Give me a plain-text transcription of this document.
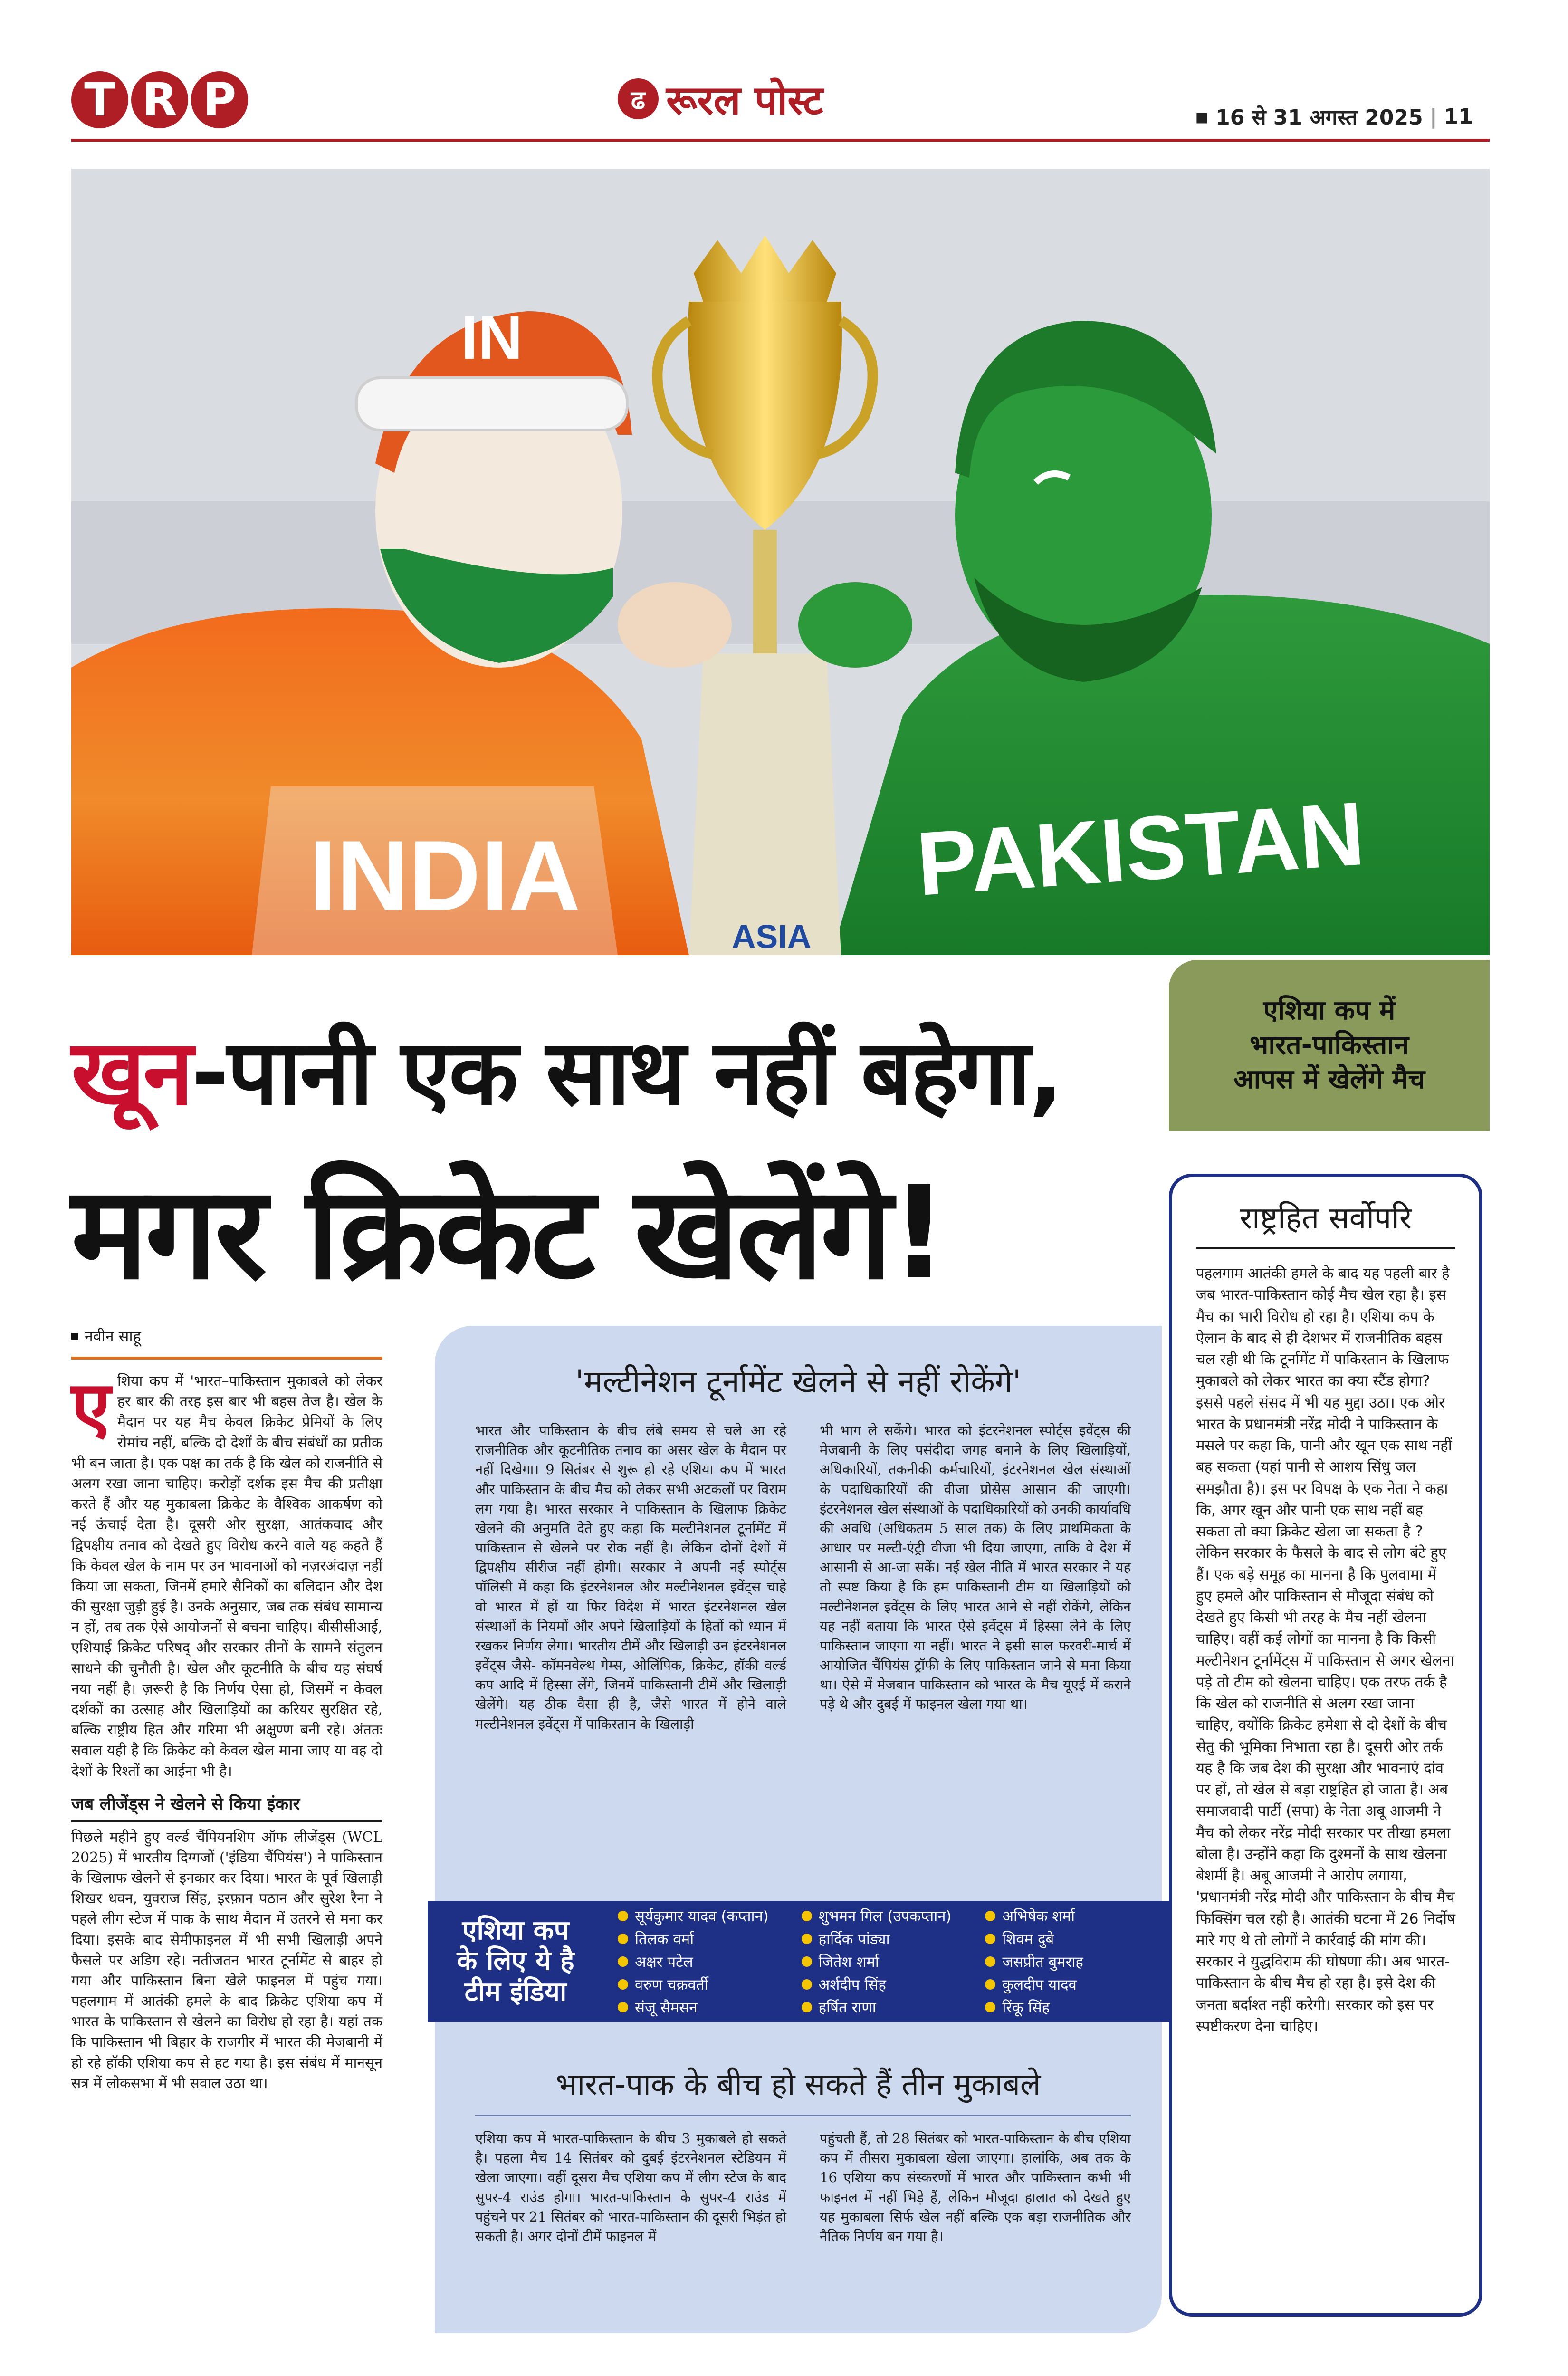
T R P	ढ रूरल पोस्ट	▪ 16 से 31 अगस्त 2025 | 11
IN
INDIA	PAKISTAN
ASIA
एशिया कप में
भारत-पाकिस्तान
आपस में खेलेंगे मैच
खून-पानी एक साथ नहीं बहेगा,
मगर क्रिकेट खेलेंगे!	राष्ट्रहित सर्वोपरि
पहलगाम आतंकी हमले के बाद यह पहली बार है जब भारत-पाकिस्तान कोई मैच खेल रहा है। इस मैच का भारी विरोध हो रहा है। एशिया कप के ऐलान के बाद से ही देशभर में राजनीतिक बहस चल रही थी कि टूर्नामेंट में पाकिस्तान के खिलाफ मुकाबले को लेकर भारत का क्या स्टैंड होगा? इससे पहले संसद में भी यह मुद्दा उठा। एक ओर भारत के प्रधानमंत्री नरेंद्र मोदी ने पाकिस्तान के मसले पर कहा कि, पानी और खून एक साथ नहीं बह सकता (यहां पानी से आशय सिंधु जल समझौता है)। इस पर विपक्ष के एक नेता ने कहा कि, अगर खून और पानी एक साथ नहीं बह सकता तो क्या क्रिकेट खेला जा सकता है ? लेकिन सरकार के फैसले के बाद से लोग बंटे हुए हैं। एक बड़े समूह का मानना है कि पुलवामा में हुए हमले और पाकिस्तान से मौजूदा संबंध को देखते हुए किसी भी तरह के मैच नहीं खेलना चाहिए। वहीं कई लोगों का मानना है कि किसी मल्टीनेशन टूर्नामेंट्स में पाकिस्तान से अगर खेलना पड़े तो टीम को खेलना चाहिए। एक तरफ तर्क है कि खेल को राजनीति से अलग रखा जाना चाहिए, क्योंकि क्रिकेट हमेशा से दो देशों के बीच सेतु की भूमिका निभाता रहा है। दूसरी ओर तर्क यह है कि जब देश की सुरक्षा और भावनाएं दांव पर हों, तो खेल से बड़ा राष्ट्रहित हो जाता है। अब समाजवादी पार्टी (सपा) के नेता अबू आजमी ने मैच को लेकर नरेंद्र मोदी सरकार पर तीखा हमला बोला है। उन्होंने कहा कि दुश्मनों के साथ खेलना बेशर्मी है। अबू आजमी ने आरोप लगाया, 'प्रधानमंत्री नरेंद्र मोदी और पाकिस्तान के बीच मैच फिक्सिंग चल रही है। आतंकी घटना में 26 निर्दोष मारे गए थे तो लोगों ने कार्रवाई की मांग की। सरकार ने युद्धविराम की घोषणा की। अब भारत-पाकिस्तान के बीच मैच हो रहा है। इसे देश की जनता बर्दाश्त नहीं करेगी। सरकार को इस पर स्पष्टीकरण देना चाहिए।
नवीन साहू
एशिया कप में 'भारत–पाकिस्तान मुकाबले को लेकर हर बार की तरह इस बार भी बहस तेज है। खेल के मैदान पर यह मैच केवल क्रिकेट प्रेमियों के लिए रोमांच नहीं, बल्कि दो देशों के बीच संबंधों का प्रतीक भी बन जाता है। एक पक्ष का तर्क है कि खेल को राजनीति से अलग रखा जाना चाहिए। करोड़ों दर्शक इस मैच की प्रतीक्षा करते हैं और यह मुकाबला क्रिकेट के वैश्विक आकर्षण को नई ऊंचाई देता है। दूसरी ओर सुरक्षा, आतंकवाद और द्विपक्षीय तनाव को देखते हुए विरोध करने वाले यह कहते हैं कि केवल खेल के नाम पर उन भावनाओं को नज़रअंदाज़ नहीं किया जा सकता, जिनमें हमारे सैनिकों का बलिदान और देश की सुरक्षा जुड़ी हुई है। उनके अनुसार, जब तक संबंध सामान्य न हों, तब तक ऐसे आयोजनों से बचना चाहिए। बीसीसीआई, एशियाई क्रिकेट परिषद् और सरकार तीनों के सामने संतुलन साधने की चुनौती है। खेल और कूटनीति के बीच यह संघर्ष नया नहीं है। ज़रूरी है कि निर्णय ऐसा हो, जिसमें न केवल दर्शकों का उत्साह और खिलाड़ियों का करियर सुरक्षित रहे, बल्कि राष्ट्रीय हित और गरिमा भी अक्षुण्ण बनी रहे। अंततः सवाल यही है कि क्रिकेट को केवल खेल माना जाए या वह दो देशों के रिश्तों का आईना भी है।
जब लीजेंड्स ने खेलने से किया इंकार
पिछले महीने हुए वर्ल्ड चैंपियनशिप ऑफ लीजेंड्स (WCL 2025) में भारतीय दिग्गजों ('इंडिया चैंपियंस') ने पाकिस्तान के खिलाफ खेलने से इनकार कर दिया। भारत के पूर्व खिलाड़ी शिखर धवन, युवराज सिंह, इरफ़ान पठान और सुरेश रैना ने पहले लीग स्टेज में पाक के साथ मैदान में उतरने से मना कर दिया। इसके बाद सेमीफाइनल में भी सभी खिलाड़ी अपने फैसले पर अडिग रहे। नतीजतन भारत टूर्नामेंट से बाहर हो गया और पाकिस्तान बिना खेले फाइनल में पहुंच गया। पहलगाम में आतंकी हमले के बाद क्रिकेट एशिया कप में भारत के पाकिस्तान से खेलने का विरोध हो रहा है। यहां तक कि पाकिस्तान भी बिहार के राजगीर में भारत की मेजबानी में हो रहे हॉकी एशिया कप से हट गया है। इस संबंध में मानसून सत्र में लोकसभा में भी सवाल उठा था।
'मल्टीनेशन टूर्नामेंट खेलने से नहीं रोकेंगे'
भारत और पाकिस्तान के बीच लंबे समय से चले आ रहे राजनीतिक और कूटनीतिक तनाव का असर खेल के मैदान पर नहीं दिखेगा। 9 सितंबर से शुरू हो रहे एशिया कप में भारत और पाकिस्तान के बीच मैच को लेकर सभी अटकलों पर विराम लग गया है। भारत सरकार ने पाकिस्तान के खिलाफ क्रिकेट खेलने की अनुमति देते हुए कहा कि मल्टीनेशनल टूर्नामेंट में पाकिस्तान से खेलने पर रोक नहीं है। लेकिन दोनों देशों में द्विपक्षीय सीरीज नहीं होगी। सरकार ने अपनी नई स्पोर्ट्स पॉलिसी में कहा कि इंटरनेशनल और मल्टीनेशनल इवेंट्स चाहे वो भारत में हों या फिर विदेश में भारत इंटरनेशनल खेल संस्थाओं के नियमों और अपने खिलाड़ियों के हितों को ध्यान में रखकर निर्णय लेगा। भारतीय टीमें और खिलाड़ी उन इंटरनेशनल इवेंट्स जैसे- कॉमनवेल्थ गेम्स, ओलिंपिक, क्रिकेट, हॉकी वर्ल्ड कप आदि में हिस्सा लेंगे, जिनमें पाकिस्तानी टीमें और खिलाड़ी खेलेंगे। यह ठीक वैसा ही है, जैसे भारत में होने वाले मल्टीनेशनल इवेंट्स में पाकिस्तान के खिलाड़ी
भी भाग ले सकेंगे। भारत को इंटरनेशनल स्पोर्ट्स इवेंट्स की मेजबानी के लिए पसंदीदा जगह बनाने के लिए खिलाड़ियों, अधिकारियों, तकनीकी कर्मचारियों, इंटरनेशनल खेल संस्थाओं के पदाधिकारियों की वीजा प्रोसेस आसान की जाएगी। इंटरनेशनल खेल संस्थाओं के पदाधिकारियों को उनकी कार्यावधि की अवधि (अधिकतम 5 साल तक) के लिए प्राथमिकता के आधार पर मल्टी-एंट्री वीजा भी दिया जाएगा, ताकि वे देश में आसानी से आ-जा सकें। नई खेल नीति में भारत सरकार ने यह तो स्पष्ट किया है कि हम पाकिस्तानी टीम या खिलाड़ियों को मल्टीनेशनल इवेंट्स के लिए भारत आने से नहीं रोकेंगे, लेकिन यह नहीं बताया कि भारत ऐसे इवेंट्स में हिस्सा लेने के लिए पाकिस्तान जाएगा या नहीं। भारत ने इसी साल फरवरी-मार्च में आयोजित चैंपियंस ट्रॉफी के लिए पाकिस्तान जाने से मना किया था। ऐसे में मेजबान पाकिस्तान को भारत के मैच यूएई में कराने पड़े थे और दुबई में फाइनल खेला गया था।
एशिया कप
के लिए ये है
टीम इंडिया
सूर्यकुमार यादव (कप्तान)	शुभमन गिल (उपकप्तान)	अभिषेक शर्मा
तिलक वर्मा	हार्दिक पांड्या	शिवम दुबे
अक्षर पटेल	जितेश शर्मा	जसप्रीत बुमराह
वरुण चक्रवर्ती	अर्शदीप सिंह	कुलदीप यादव
संजू सैमसन	हर्षित राणा	रिंकू सिंह
भारत-पाक के बीच हो सकते हैं तीन मुकाबले
एशिया कप में भारत-पाकिस्तान के बीच 3 मुकाबले हो सकते है। पहला मैच 14 सितंबर को दुबई इंटरनेशनल स्टेडियम में खेला जाएगा। वहीं दूसरा मैच एशिया कप में लीग स्टेज के बाद सुपर-4 राउंड होगा। भारत-पाकिस्तान के सुपर-4 राउंड में पहुंचने पर 21 सितंबर को भारत-पाकिस्तान की दूसरी भिड़ंत हो सकती है। अगर दोनों टीमें फाइनल में
पहुंचती हैं, तो 28 सितंबर को भारत-पाकिस्तान के बीच एशिया कप में तीसरा मुकाबला खेला जाएगा। हालांकि, अब तक के 16 एशिया कप संस्करणों में भारत और पाकिस्तान कभी भी फाइनल में नहीं भिड़े हैं, लेकिन मौजूदा हालात को देखते हुए यह मुकाबला सिर्फ खेल नहीं बल्कि एक बड़ा राजनीतिक और नैतिक निर्णय बन गया है।
